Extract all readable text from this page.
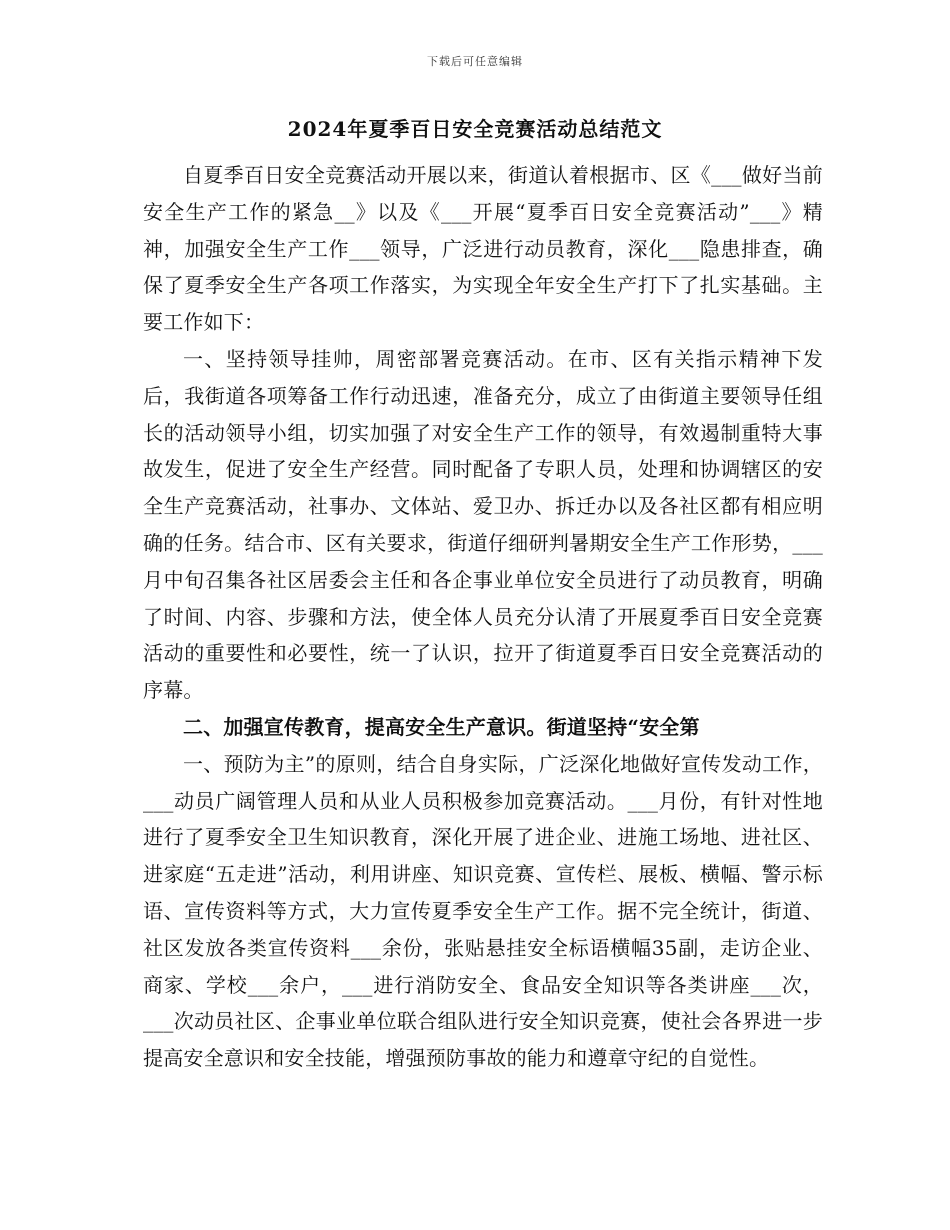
下载后可任意编辑
2024年夏季百日安全竞赛活动总结范文

自夏季百日安全竞赛活动开展以来，街道认着根据市、区《___做好当前安全生产工作的紧急__》以及《___开展“夏季百日安全竞赛活动”___》精神，加强安全生产工作___领导，广泛进行动员教育，深化___隐患排查，确保了夏季安全生产各项工作落实，为实现全年安全生产打下了扎实基础。主要工作如下：

一、坚持领导挂帅，周密部署竞赛活动。在市、区有关指示精神下发后，我街道各项筹备工作行动迅速，准备充分，成立了由街道主要领导任组长的活动领导小组，切实加强了对安全生产工作的领导，有效遏制重特大事故发生，促进了安全生产经营。同时配备了专职人员，处理和协调辖区的安全生产竞赛活动，社事办、文体站、爱卫办、拆迁办以及各社区都有相应明确的任务。结合市、区有关要求，街道仔细研判暑期安全生产工作形势，___月中旬召集各社区居委会主任和各企事业单位安全员进行了动员教育，明确了时间、内容、步骤和方法，使全体人员充分认清了开展夏季百日安全竞赛活动的重要性和必要性，统一了认识，拉开了街道夏季百日安全竞赛活动的序幕。

二、加强宣传教育，提高安全生产意识。街道坚持“安全第

一、预防为主”的原则，结合自身实际，广泛深化地做好宣传发动工作，___动员广阔管理人员和从业人员积极参加竞赛活动。___月份，有针对性地进行了夏季安全卫生知识教育，深化开展了进企业、进施工场地、进社区、进家庭“五走进”活动，利用讲座、知识竞赛、宣传栏、展板、横幅、警示标语、宣传资料等方式，大力宣传夏季安全生产工作。据不完全统计，街道、社区发放各类宣传资料___余份，张贴悬挂安全标语横幅35副，走访企业、商家、学校___余户，___进行消防安全、食品安全知识等各类讲座___次，___次动员社区、企事业单位联合组队进行安全知识竞赛，使社会各界进一步提高安全意识和安全技能，增强预防事故的能力和遵章守纪的自觉性。
